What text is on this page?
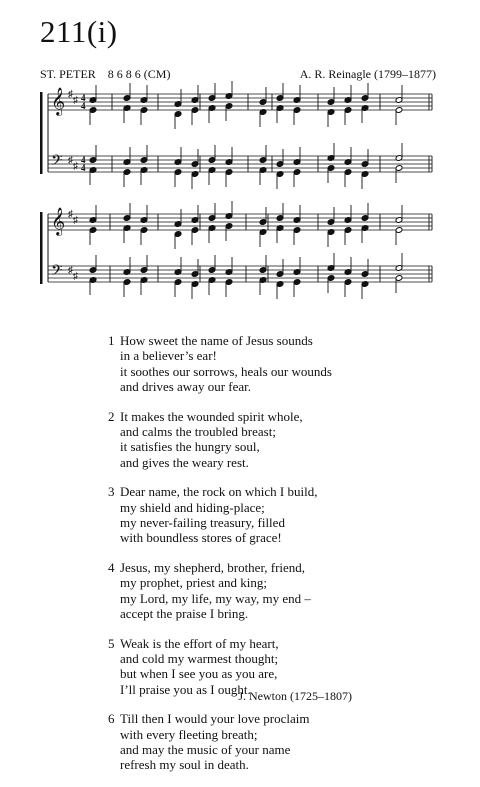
211(i)
ST. PETER 8 6 8 6 (CM)	A. R. Reinagle (1799–1877)
𝄞
𝄢
♯
♯
♯
♯
4
4
4
4
𝄞
𝄢
♯
♯
♯
♯
1 How sweet the name of Jesus sounds
in a believer’s ear!
it soothes our sorrows, heals our wounds
and drives away our fear.
2 It makes the wounded spirit whole,
and calms the troubled breast;
it satisfies the hungry soul,
and gives the weary rest.
3 Dear name, the rock on which I build,
my shield and hiding-place;
my never-failing treasury, filled
with boundless stores of grace!
4 Jesus, my shepherd, brother, friend,
my prophet, priest and king;
my Lord, my life, my way, my end –
accept the praise I bring.
5 Weak is the effort of my heart,
and cold my warmest thought;
but when I see you as you are,
I’ll praise you as I ought.
6 Till then I would your love proclaim
with every fleeting breath;
and may the music of your name
refresh my soul in death.
J. Newton (1725–1807)
